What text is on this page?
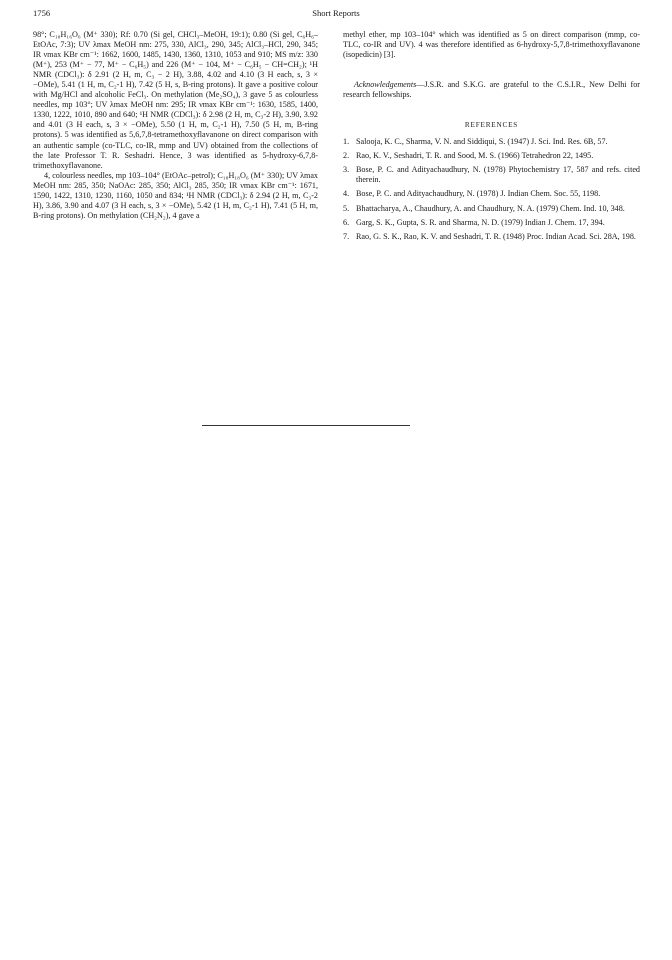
1756	Short Reports

98°; C₁₈H₁₆O₆ (M⁺ 330); Rf: 0.70 (Si gel, CHCl₃–MeOH, 19:1); 0.80 (Si gel, C₆H₆–EtOAc, 7:3); UV λmax MeOH nm: 275, 330, AlCl₃, 290, 345; AlCl₃–HCl, 290, 345; IR νmax KBr cm⁻¹: 1662, 1600, 1485, 1430, 1360, 1310, 1053 and 910; MS m/z: 330 (M⁺), 253 (M⁺ − 77, M⁺ − C₆H₅) and 226 (M⁺ − 104, M⁺ − C₆H₅ − CH=CH₂); ¹H NMR (CDCl₃): δ 2.91 (2 H, m, C₃ − 2 H), 3.88, 4.02 and 4.10 (3 H each, s, 3 × −OMe), 5.41 (1 H, m, C₂-1 H), 7.42 (5 H, s, B-ring protons). It gave a positive colour with Mg/HCl and alcoholic FeCl₃. On methylation (Me₂SO₄), 3 gave 5 as colourless needles, mp 103°; UV λmax MeOH nm: 295; IR νmax KBr cm⁻¹: 1630, 1585, 1400, 1330, 1222, 1010, 890 and 640; ¹H NMR (CDCl₃): δ 2.98 (2 H, m, C₃-2 H), 3.90, 3.92 and 4.01 (3 H each, s, 3 × −OMe), 5.50 (1 H, m, C₂-1 H), 7.50 (5 H, m, B-ring protons). 5 was identified as 5,6,7,8-tetramethoxyflavanone on direct comparison with an authentic sample (co-TLC, co-IR, mmp and UV) obtained from the collections of the late Professor T. R. Seshadri. Hence, 3 was identified as 5-hydroxy-6,7,8-trimethoxyflavanone.

4, colourless needles, mp 103–104° (EtOAc–petrol); C₁₈H₁₈O₆ (M⁺ 330); UV λmax MeOH nm: 285, 350; NaOAc: 285, 350; AlCl₃ 285, 350; IR νmax KBr cm⁻¹: 1671, 1590, 1422, 1310, 1230, 1160, 1050 and 834; ¹H NMR (CDCl₃): δ 2.94 (2 H, m, C₃-2 H), 3.86, 3.90 and 4.07 (3 H each, s, 3 × −OMe), 5.42 (1 H, m, C₂-1 H), 7.41 (5 H, m, B-ring protons). On methylation (CH₂N₂), 4 gave a

methyl ether, mp 103–104° which was identified as 5 on direct comparison (mmp, co-TLC, co-IR and UV). 4 was therefore identified as 6-hydroxy-5,7,8-trimethoxyflavanone (isopedicin) [3].

Acknowledgements—J.S.R. and S.K.G. are grateful to the C.S.I.R., New Delhi for research fellowships.

REFERENCES
1. Salooja, K. C., Sharma, V. N. and Siddiqui, S. (1947) J. Sci. Ind. Res. 6B, 57.
2. Rao, K. V., Seshadri, T. R. and Sood, M. S. (1966) Tetrahedron 22, 1495.
3. Bose, P. C. and Adityachaudhury, N. (1978) Phytochemistry 17, 587 and refs. cited therein.
4. Bose, P. C. and Adityachaudhury, N. (1978) J. Indian Chem. Soc. 55, 1198.
5. Bhattacharya, A., Chaudhury, A. and Chaudhury, N. A. (1979) Chem. Ind. 10, 348.
6. Garg, S. K., Gupta, S. R. and Sharma, N. D. (1979) Indian J. Chem. 17, 394.
7. Rao, G. S. K., Rao, K. V. and Seshadri, T. R. (1948) Proc. Indian Acad. Sci. 28A, 198.
